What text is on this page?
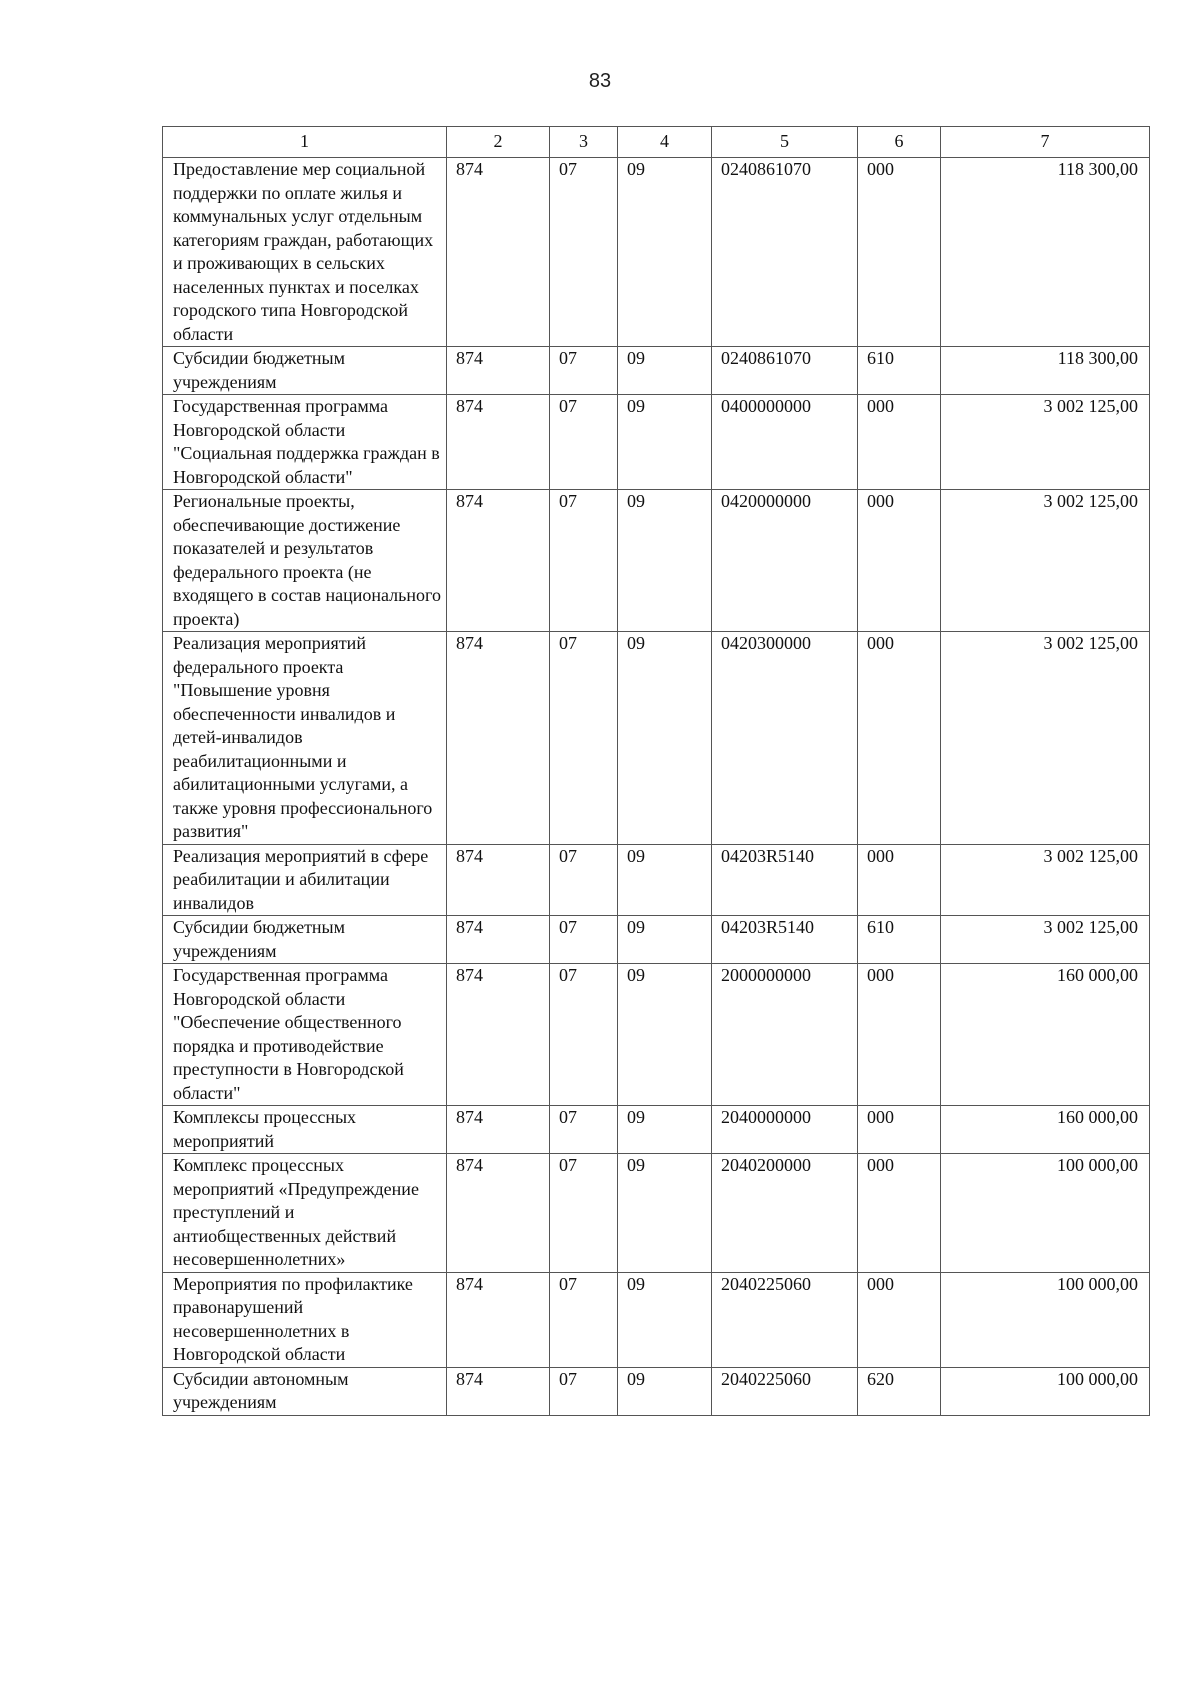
83
1	2	3	4	5	6	7
Предоставление мер социальной поддержки по оплате жилья и коммунальных услуг отдельным категориям граждан, работающих и проживающих в сельских населенных пунктах и поселках городского типа Новгородской области	874	07	09	0240861070	000	118 300,00
Субсидии бюджетным учреждениям	874	07	09	0240861070	610	118 300,00
Государственная программа Новгородской области "Социальная поддержка граждан в Новгородской области"	874	07	09	0400000000	000	3 002 125,00
Региональные проекты, обеспечивающие достижение показателей и результатов федерального проекта (не входящего в состав национального проекта)	874	07	09	0420000000	000	3 002 125,00
Реализация мероприятий федерального проекта "Повышение уровня обеспеченности инвалидов и детей-инвалидов реабилитационными и абилитационными услугами, а также уровня профессионального развития"	874	07	09	0420300000	000	3 002 125,00
Реализация мероприятий в сфере реабилитации и абилитации инвалидов	874	07	09	04203R5140	000	3 002 125,00
Субсидии бюджетным учреждениям	874	07	09	04203R5140	610	3 002 125,00
Государственная программа Новгородской области "Обеспечение общественного порядка и противодействие преступности в Новгородской области"	874	07	09	2000000000	000	160 000,00
Комплексы процессных мероприятий	874	07	09	2040000000	000	160 000,00
Комплекс процессных мероприятий «Предупреждение преступлений и антиобщественных действий несовершеннолетних»	874	07	09	2040200000	000	100 000,00
Мероприятия по профилактике правонарушений несовершеннолетних в Новгородской области	874	07	09	2040225060	000	100 000,00
Субсидии автономным учреждениям	874	07	09	2040225060	620	100 000,00
